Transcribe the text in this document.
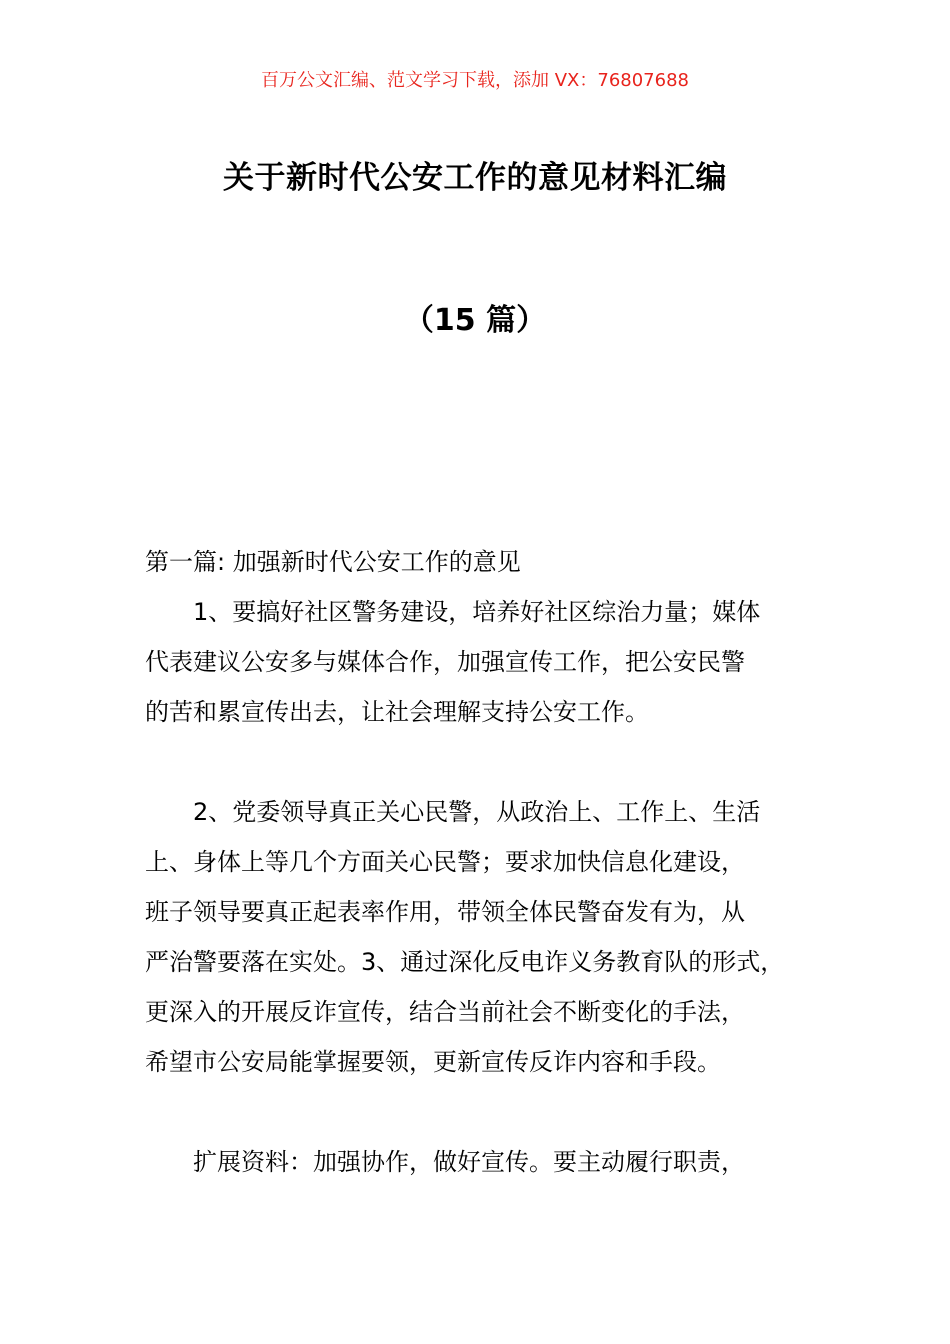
百万公文汇编、范文学习下载，添加 VX：76807688
关于新时代公安工作的意见材料汇编
（15 篇）
第一篇: 加强新时代公安工作的意见
1、要搞好社区警务建设，培养好社区综治力量；媒体
代表建议公安多与媒体合作，加强宣传工作，把公安民警
的苦和累宣传出去，让社会理解支持公安工作。
2、党委领导真正关心民警，从政治上、工作上、生活
上、身体上等几个方面关心民警；要求加快信息化建设，
班子领导要真正起表率作用，带领全体民警奋发有为，从
严治警要落在实处。3、通过深化反电诈义务教育队的形式，
更深入的开展反诈宣传，结合当前社会不断变化的手法，
希望市公安局能掌握要领，更新宣传反诈内容和手段。
扩展资料：加强协作，做好宣传。要主动履行职责，
